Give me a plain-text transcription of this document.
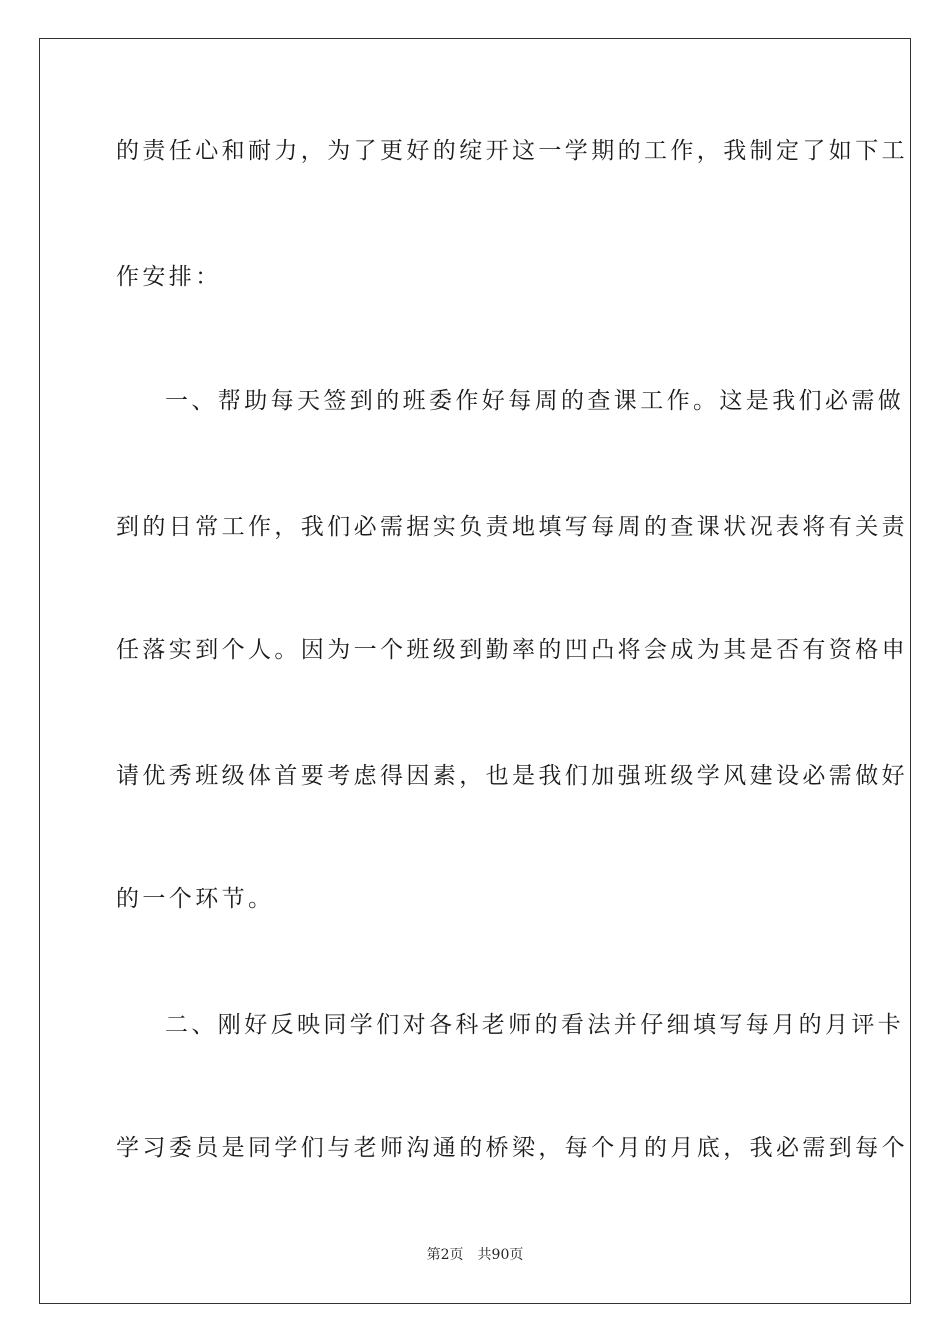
的责任心和耐力，为了更好的绽开这一学期的工作，我制定了如下工
作安排：
一、帮助每天签到的班委作好每周的查课工作。这是我们必需做
到的日常工作，我们必需据实负责地填写每周的查课状况表将有关责
任落实到个人。因为一个班级到勤率的凹凸将会成为其是否有资格申
请优秀班级体首要考虑得因素，也是我们加强班级学风建设必需做好
的一个环节。
二、刚好反映同学们对各科老师的看法并仔细填写每月的月评卡
学习委员是同学们与老师沟通的桥梁，每个月的月底，我必需到每个
第2页 共90页
